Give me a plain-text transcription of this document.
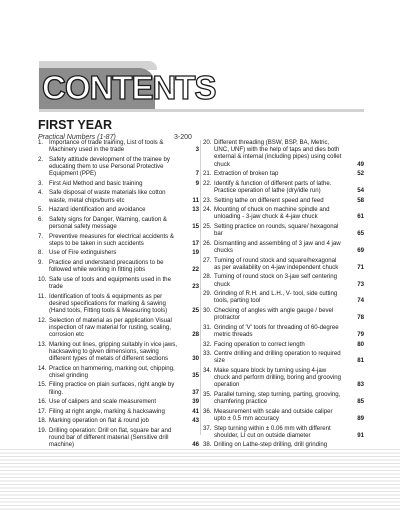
CONTENTS
FIRST YEAR
Practical Numbers (1-87)	3-200
1. Importance of trade training, List of tools & Machinery used in the trade	3
2. Safety attitude development of the trainee by educating them to use Personal Protective Equipment (PPE)	7
3. First Aid Method and basic training	9
4. Safe disposal of waste materials like cotton waste, metal chips/burrs etc	11
5. Hazard identification and avoidance	13
6. Safety signs for Danger, Warning, caution & personal safety message	15
7. Preventive measures for electrical accidents & steps to be taken in such accidents	17
8. Use of Fire extinguishers	19
9. Practice and understand precautions to be followed while working in fitting jobs	22
10. Safe use of tools and equipments used in the trade	23
11. Identification of tools & equipments as per desired specifications for marking & sawing (Hand tools, Fitting tools & Measuring tools)	25
12. Selection of material as per application Visual inspection of raw material for rusting, scaling, corrosion etc	28
13. Marking out lines, gripping suitably in vice jaws, hacksawing to given dimensions, sawing different types of metals of different sections	30
14. Practice on hammering, marking out, chipping, chisel grinding	35
15. Filing practice on plain surfaces, right angle by filing.	37
16. Use of calipers and scale measurement	39
17. Filing at right angle, marking & hacksawing	41
18. Marking operation on flat & round job	43
19. Drilling operation: Drill on flat, square bar and round bar of different material (Sensitive drill machine)	46
20. Different threading (BSW, BSP, BA, Metric, UNC, UNF) with the help of taps and dies both external & internal (including pipes) using collet chuck	49
21. Extraction of broken tap	52
22. Identify & function of different parts of lathe. Practice operation of lathe (dry/idle run)	54
23. Setting lathe on different speed and feed	58
24. Mounting of chuck on machine spindle and unloading - 3-jaw chuck & 4-jaw chuck	61
25. Setting practice on rounds, square/ hexagonal bar	65
26. Dismantling and assembling of 3 jaw and 4 jaw chucks	69
27. Turning of round stock and square/hexagonal as per availability on 4-jaw independent chuck	71
28. Turning of round stock on 3-jaw self centering chuck	73
29. Grinding of R.H. and L.H., V- tool, side cutting tools, parting tool	74
30. Checking of angles with angle gauge / bevel protractor	78
31. Grinding of 'V' tools for threading of 60-degree metric threads	79
32. Facing operation to correct length	80
33. Centre drilling and drilling operation to required size	81
34. Make square block by turning using 4-jaw chuck and perform drilling, boring and grooving operation	83
35. Parallel turning, step turning, parting, grooving, chamfering practice	85
36. Measurement with scale and outside caliper upto ± 0.5 mm accuracy	89
37. Step turning within ± 0.06 mm with different shoulder, LI cut on outside diameter	91
38. Drilling on Lathe-step drilling, drill grinding
